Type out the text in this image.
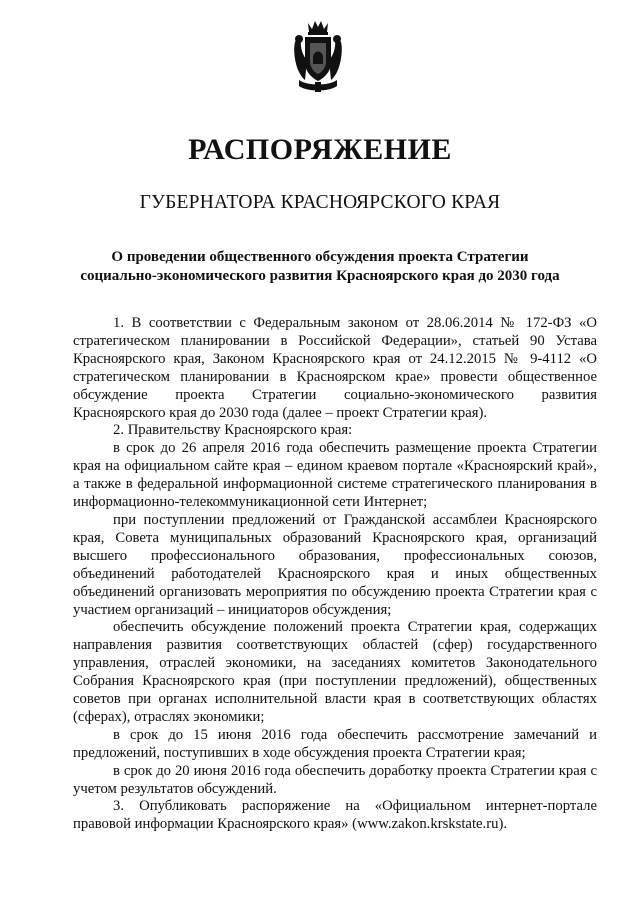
РАСПОРЯЖЕНИЕ
ГУБЕРНАТОРА КРАСНОЯРСКОГО КРАЯ
О проведении общественного обсуждения проекта Стратегии
социально-экономического развития Красноярского края до 2030 года

1. В соответствии с Федеральным законом от 28.06.2014 № 172-ФЗ «О стратегическом планировании в Российской Федерации», статьей 90 Устава Красноярского края, Законом Красноярского края от 24.12.2015 № 9-4112 «О стратегическом планировании в Красноярском крае» провести общественное обсуждение проекта Стратегии социально-экономического развития Красноярского края до 2030 года (далее – проект Стратегии края).

2. Правительству Красноярского края:

в срок до 26 апреля 2016 года обеспечить размещение проекта Стратегии края на официальном сайте края – едином краевом портале «Красноярский край», а также в федеральной информационной системе стратегического планирования в информационно-телекоммуникационной сети Интернет;

при поступлении предложений от Гражданской ассамблеи Красноярского края, Совета муниципальных образований Красноярского края, организаций высшего профессионального образования, профессиональных союзов, объединений работодателей Красноярского края и иных общественных объединений организовать мероприятия по обсуждению проекта Стратегии края с участием организаций – инициаторов обсуждения;

обеспечить обсуждение положений проекта Стратегии края, содержащих направления развития соответствующих областей (сфер) государственного управления, отраслей экономики, на заседаниях комитетов Законодательного Собрания Красноярского края (при поступлении предложений), общественных советов при органах исполнительной власти края в соответствующих областях (сферах), отраслях экономики;

в срок до 15 июня 2016 года обеспечить рассмотрение замечаний и предложений, поступивших в ходе обсуждения проекта Стратегии края;

в срок до 20 июня 2016 года обеспечить доработку проекта Стратегии края с учетом результатов обсуждений.

3. Опубликовать распоряжение на «Официальном интернет-портале правовой информации Красноярского края» (www.zakon.krskstate.ru).
